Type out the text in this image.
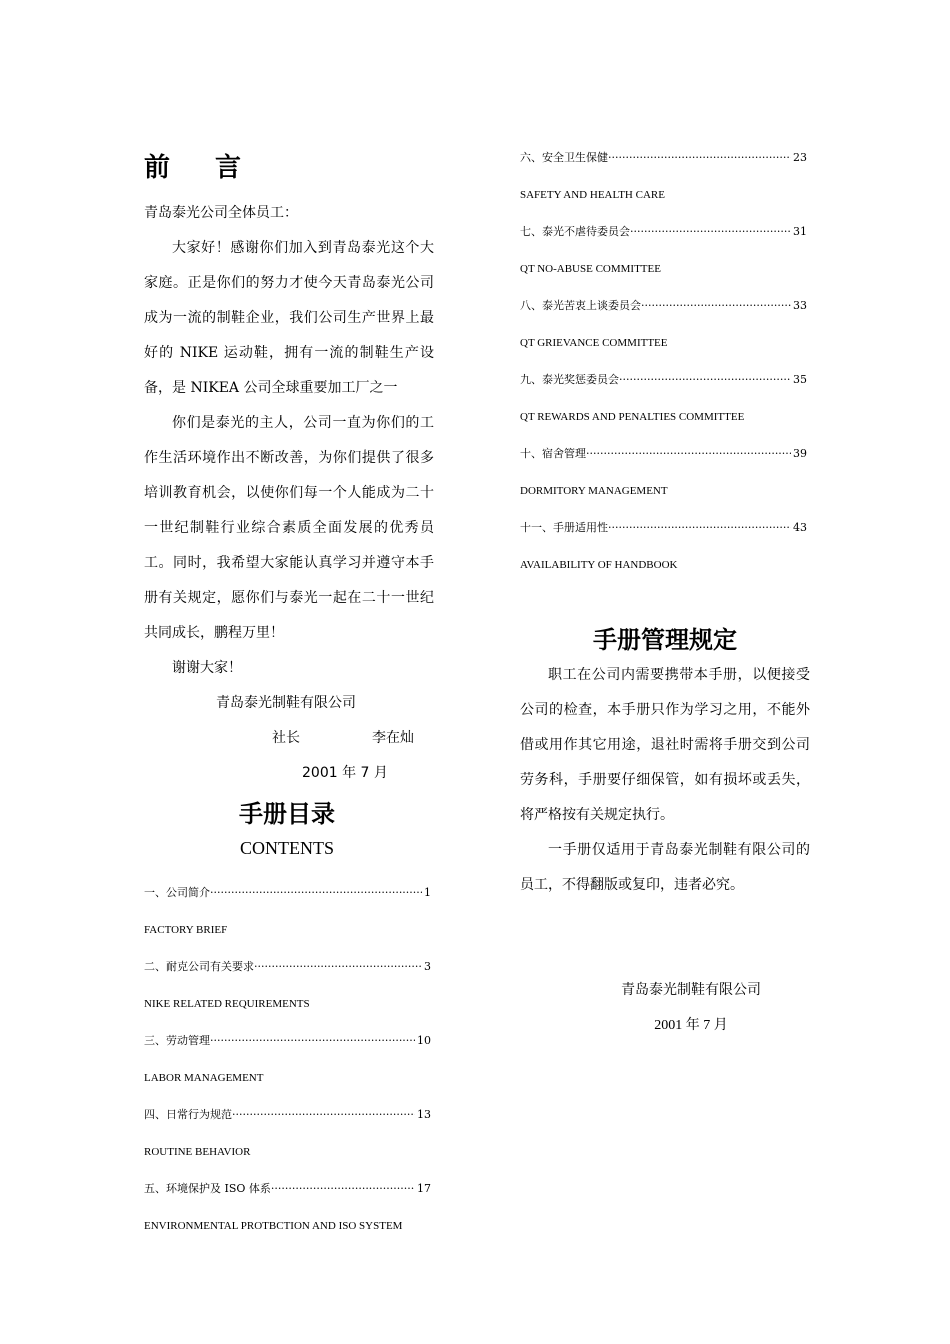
前 言

青岛泰光公司全体员工：

大家好！感谢你们加入到青岛泰光这个大家庭。正是你们的努力才使今天青岛泰光公司成为一流的制鞋企业，我们公司生产世界上最好的 NIKE 运动鞋，拥有一流的制鞋生产设备，是 NIKEA 公司全球重要加工厂之一

你们是泰光的主人，公司一直为你们的工作生活环境作出不断改善，为你们提供了很多培训教育机会，以使你们每一个人能成为二十一世纪制鞋行业综合素质全面发展的优秀员工。同时，我希望大家能认真学习并遵守本手册有关规定，愿你们与泰光一起在二十一世纪共同成长，鹏程万里！

谢谢大家！

青岛泰光制鞋有限公司

社长	李在灿

2001 年 7 月

手册目录
CONTENTS
一、公司简介 ·····	1

FACTORY BRIEF

二、耐克公司有关要求 ·····	3

NIKE RELATED REQUIREMENTS

三、劳动管理 ·····	10

LABOR MANAGEMENT

四、日常行为规范 ·····	13

ROUTINE BEHAVIOR

五、环境保护及 ISO 体系 ·····	17

ENVIRONMENTAL PROTBCTION AND ISO SYSTEM

六、安全卫生保健 ·····	23

SAFETY AND HEALTH CARE

七、泰光不虐待委员会 ·····	31

QT NO-ABUSE COMMITTEE

八、泰光苦衷上谈委员会 ·····	33

QT GRIEVANCE COMMITTEE

九、泰光奖惩委员会 ·····	35

QT REWARDS AND PENALTIES COMMITTEE

十、宿舍管理 ·····	39

DORMITORY MANAGEMENT

十一、手册适用性 ·····	43

AVAILABILITY OF HANDBOOK

手册管理规定

职工在公司内需要携带本手册，以便接受公司的检查，本手册只作为学习之用，不能外借或用作其它用途，退社时需将手册交到公司劳务科，手册要仔细保管，如有损坏或丢失，将严格按有关规定执行。

一手册仅适用于青岛泰光制鞋有限公司的员工，不得翻版或复印，违者必究。

青岛泰光制鞋有限公司

2001 年 7 月
